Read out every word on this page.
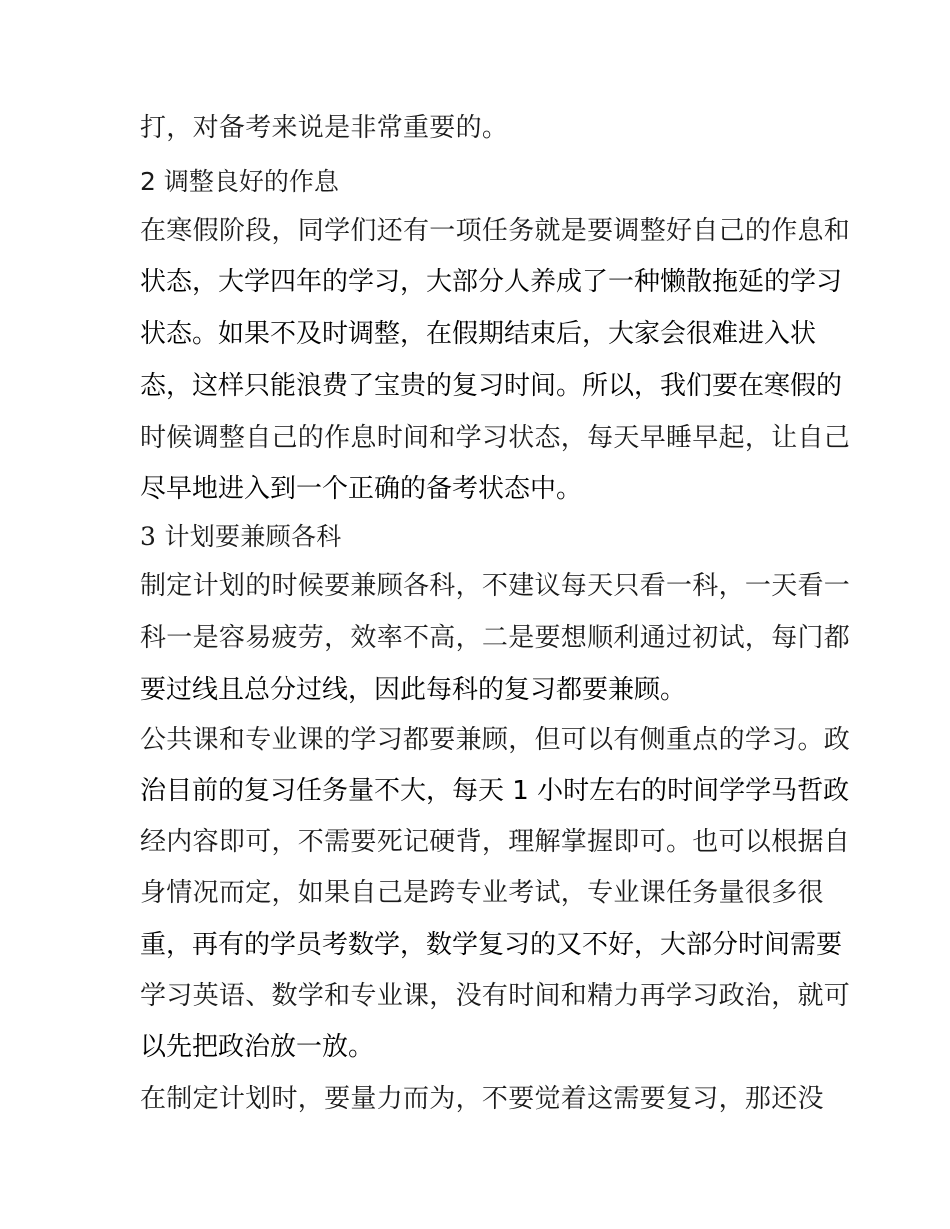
打，对备考来说是非常重要的。
2 调整良好的作息
在寒假阶段，同学们还有一项任务就是要调整好自己的作息和
状态，大学四年的学习，大部分人养成了一种懒散拖延的学习
状态。如果不及时调整，在假期结束后，大家会很难进入状
态，这样只能浪费了宝贵的复习时间。所以，我们要在寒假的
时候调整自己的作息时间和学习状态，每天早睡早起，让自己
尽早地进入到一个正确的备考状态中。
3 计划要兼顾各科
制定计划的时候要兼顾各科，不建议每天只看一科，一天看一
科一是容易疲劳，效率不高，二是要想顺利通过初试，每门都
要过线且总分过线，因此每科的复习都要兼顾。
公共课和专业课的学习都要兼顾，但可以有侧重点的学习。政
治目前的复习任务量不大，每天 1 小时左右的时间学学马哲政
经内容即可，不需要死记硬背，理解掌握即可。也可以根据自
身情况而定，如果自己是跨专业考试，专业课任务量很多很
重，再有的学员考数学，数学复习的又不好，大部分时间需要
学习英语、数学和专业课，没有时间和精力再学习政治，就可
以先把政治放一放。
在制定计划时，要量力而为，不要觉着这需要复习，那还没
